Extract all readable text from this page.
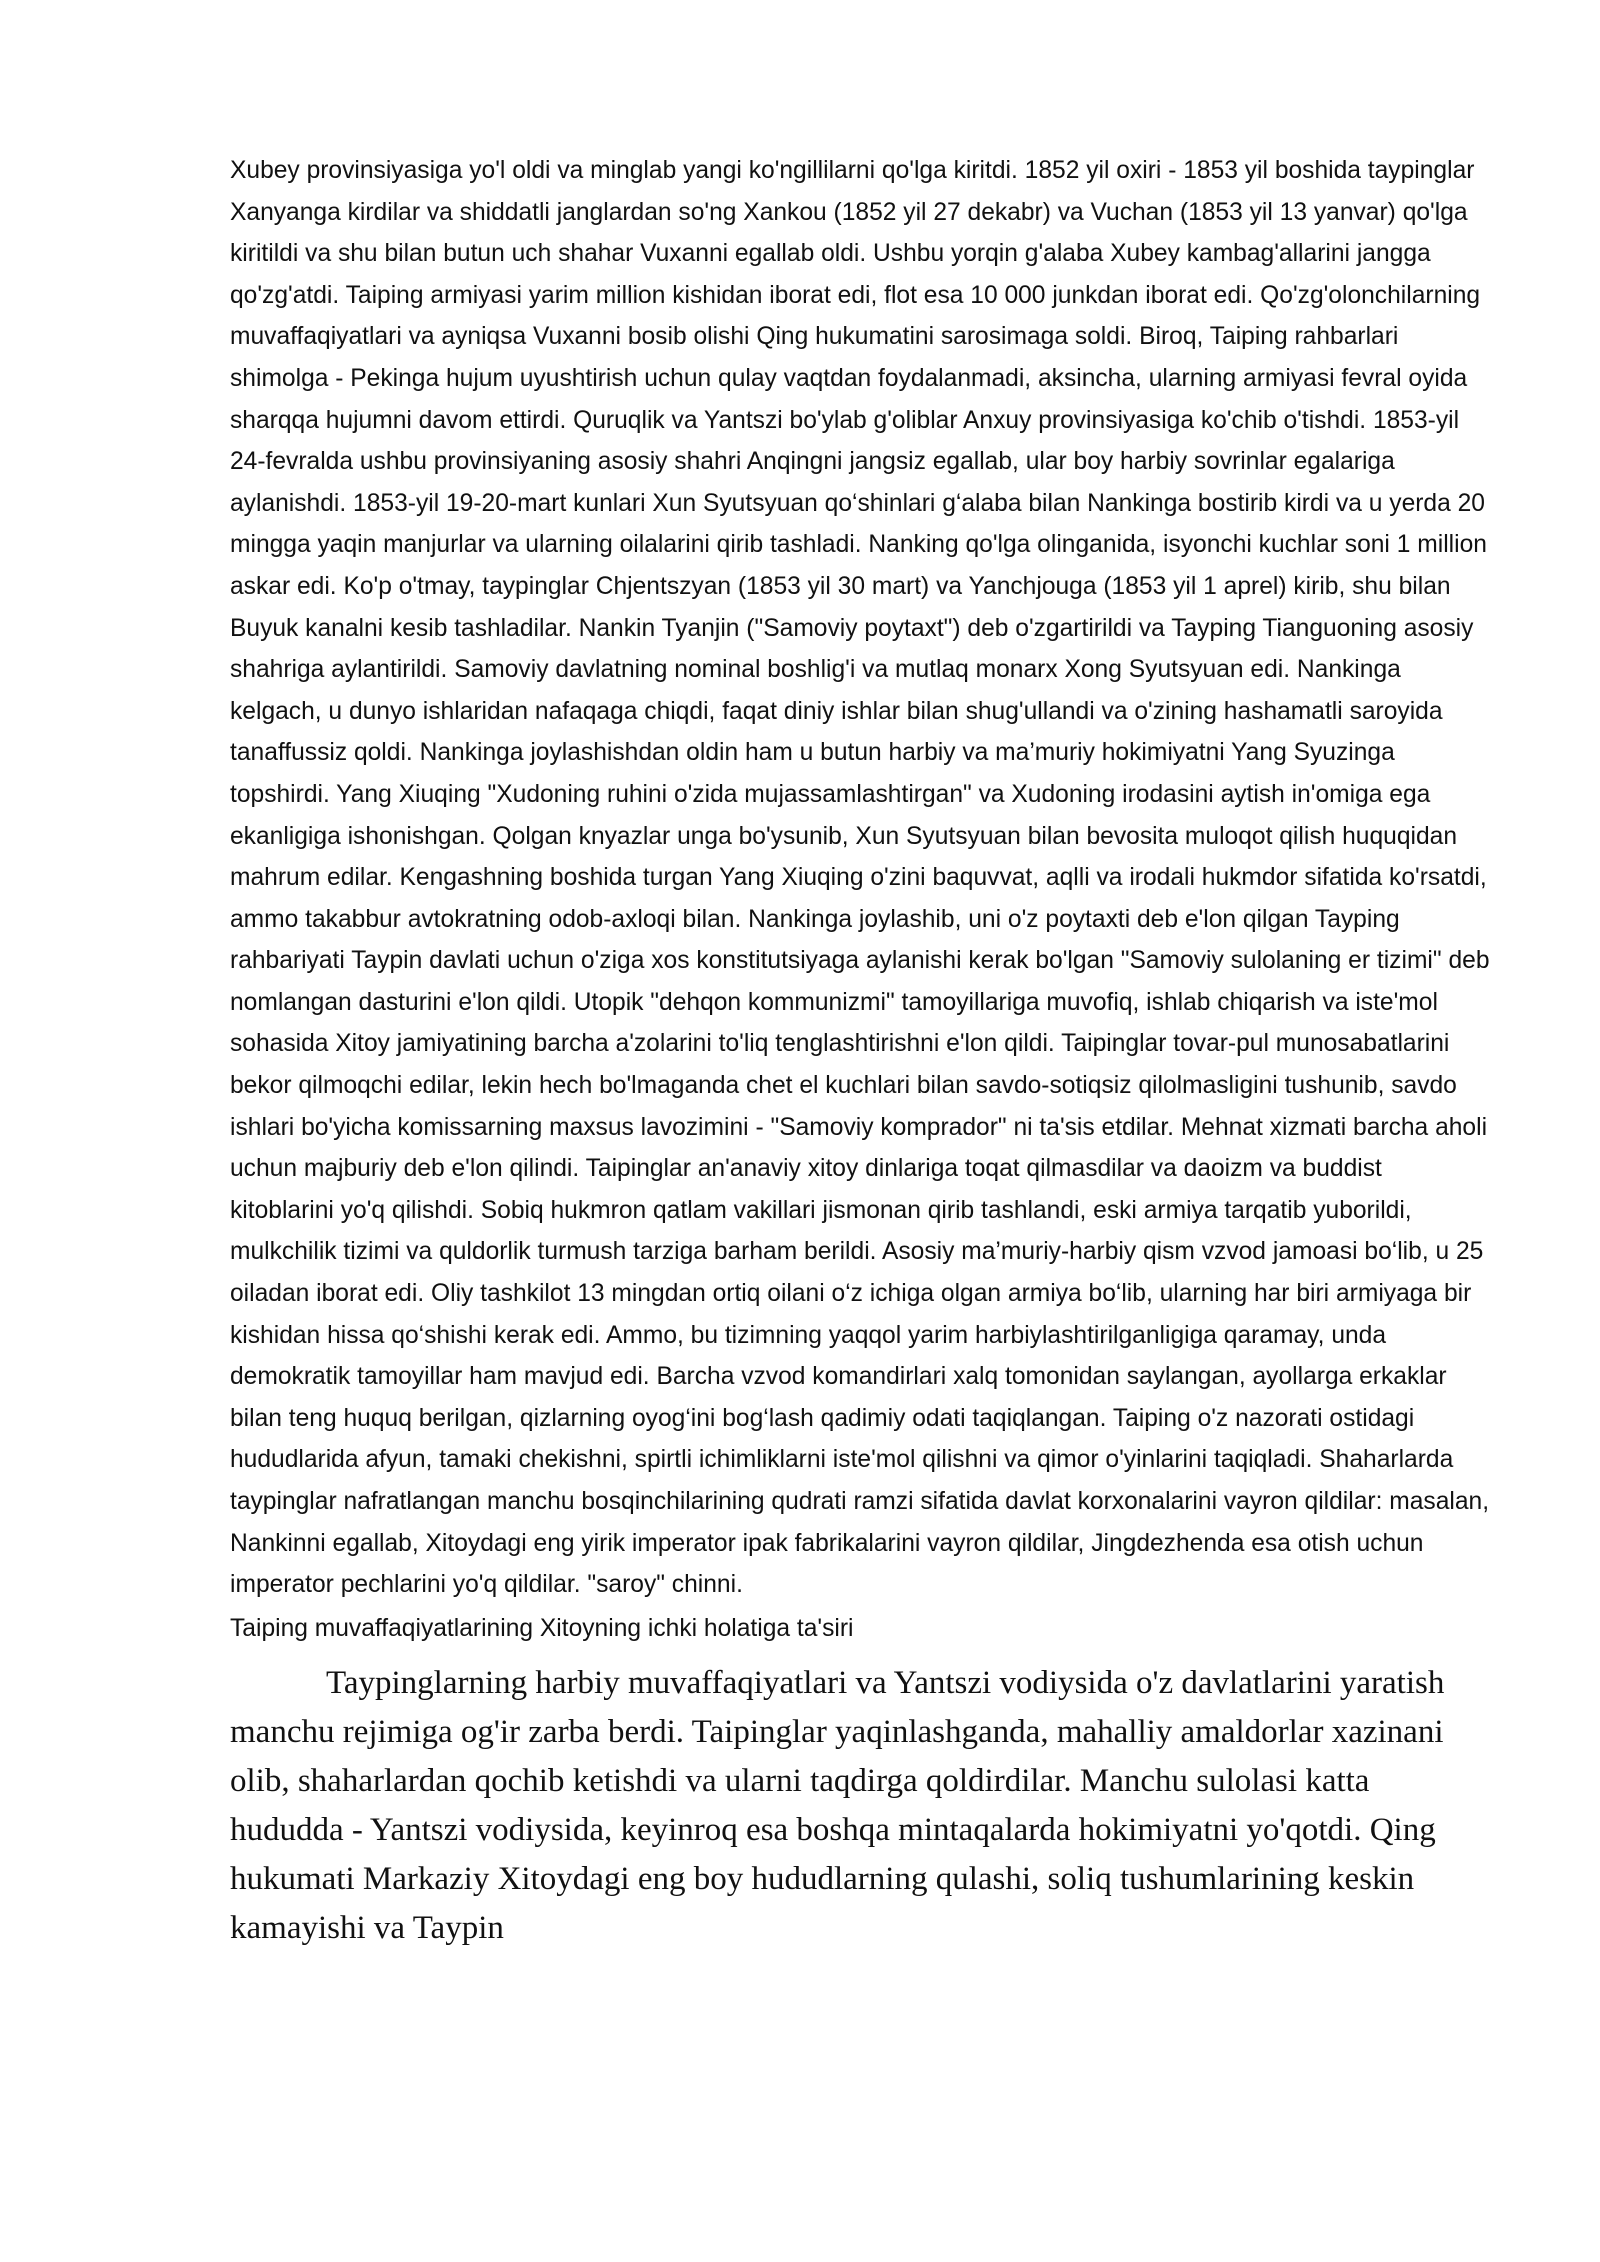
Xubey provinsiyasiga yo'l oldi va minglab yangi ko'ngillilarni qo'lga kiritdi. 1852 yil oxiri - 1853 yil boshida taypinglar Xanyanga kirdilar va shiddatli janglardan so'ng Xankou (1852 yil 27 dekabr) va Vuchan (1853 yil 13 yanvar) qo'lga kiritildi va shu bilan butun uch shahar Vuxanni egallab oldi. Ushbu yorqin g'alaba Xubey kambag'allarini jangga qo'zg'atdi. Taiping armiyasi yarim million kishidan iborat edi, flot esa 10 000 junkdan iborat edi. Qo'zg'olonchilarning muvaffaqiyatlari va ayniqsa Vuxanni bosib olishi Qing hukumatini sarosimaga soldi. Biroq, Taiping rahbarlari shimolga - Pekinga hujum uyushtirish uchun qulay vaqtdan foydalanmadi, aksincha, ularning armiyasi fevral oyida sharqqa hujumni davom ettirdi. Quruqlik va Yantszi bo'ylab g'oliblar Anxuy provinsiyasiga ko'chib o'tishdi. 1853-yil 24-fevralda ushbu provinsiyaning asosiy shahri Anqingni jangsiz egallab, ular boy harbiy sovrinlar egalariga aylanishdi. 1853-yil 19-20-mart kunlari Xun Syutsyuan qo‘shinlari g‘alaba bilan Nankinga bostirib kirdi va u yerda 20 mingga yaqin manjurlar va ularning oilalarini qirib tashladi. Nanking qo'lga olinganida, isyonchi kuchlar soni 1 million askar edi. Ko'p o'tmay, taypinglar Chjentszyan (1853 yil 30 mart) va Yanchjouga (1853 yil 1 aprel) kirib, shu bilan Buyuk kanalni kesib tashladilar. Nankin Tyanjin ("Samoviy poytaxt") deb o'zgartirildi va Tayping Tianguoning asosiy shahriga aylantirildi. Samoviy davlatning nominal boshlig'i va mutlaq monarx Xong Syutsyuan edi. Nankinga kelgach, u dunyo ishlaridan nafaqaga chiqdi, faqat diniy ishlar bilan shug'ullandi va o'zining hashamatli saroyida tanaffussiz qoldi. Nankinga joylashishdan oldin ham u butun harbiy va ma’muriy hokimiyatni Yang Syuzinga topshirdi. Yang Xiuqing "Xudoning ruhini o'zida mujassamlashtirgan" va Xudoning irodasini aytish in'omiga ega ekanligiga ishonishgan. Qolgan knyazlar unga bo'ysunib, Xun Syutsyuan bilan bevosita muloqot qilish huquqidan mahrum edilar. Kengashning boshida turgan Yang Xiuqing o'zini baquvvat, aqlli va irodali hukmdor sifatida ko'rsatdi, ammo takabbur avtokratning odob-axloqi bilan. Nankinga joylashib, uni o'z poytaxti deb e'lon qilgan Tayping rahbariyati Taypin davlati uchun o'ziga xos konstitutsiyaga aylanishi kerak bo'lgan "Samoviy sulolaning er tizimi" deb nomlangan dasturini e'lon qildi. Utopik "dehqon kommunizmi" tamoyillariga muvofiq, ishlab chiqarish va iste'mol sohasida Xitoy jamiyatining barcha a'zolarini to'liq tenglashtirishni e'lon qildi. Taipinglar tovar-pul munosabatlarini bekor qilmoqchi edilar, lekin hech bo'lmaganda chet el kuchlari bilan savdo-sotiqsiz qilolmasligini tushunib, savdo ishlari bo'yicha komissarning maxsus lavozimini - "Samoviy komprador" ni ta'sis etdilar. Mehnat xizmati barcha aholi uchun majburiy deb e'lon qilindi. Taipinglar an'anaviy xitoy dinlariga toqat qilmasdilar va daoizm va buddist kitoblarini yo'q qilishdi. Sobiq hukmron qatlam vakillari jismonan qirib tashlandi, eski armiya tarqatib yuborildi, mulkchilik tizimi va quldorlik turmush tarziga barham berildi. Asosiy ma’muriy-harbiy qism vzvod jamoasi bo‘lib, u 25 oiladan iborat edi. Oliy tashkilot 13 mingdan ortiq oilani o‘z ichiga olgan armiya bo‘lib, ularning har biri armiyaga bir kishidan hissa qo‘shishi kerak edi. Ammo, bu tizimning yaqqol yarim harbiylashtirilganligiga qaramay, unda demokratik tamoyillar ham mavjud edi. Barcha vzvod komandirlari xalq tomonidan saylangan, ayollarga erkaklar bilan teng huquq berilgan, qizlarning oyog‘ini bog‘lash qadimiy odati taqiqlangan. Taiping o'z nazorati ostidagi hududlarida afyun, tamaki chekishni, spirtli ichimliklarni iste'mol qilishni va qimor o'yinlarini taqiqladi. Shaharlarda taypinglar nafratlangan manchu bosqinchilarining qudrati ramzi sifatida davlat korxonalarini vayron qildilar: masalan, Nankinni egallab, Xitoydagi eng yirik imperator ipak fabrikalarini vayron qildilar, Jingdezhenda esa otish uchun imperator pechlarini yo'q qildilar. "saroy" chinni.

Taiping muvaffaqiyatlarining Xitoyning ichki holatiga ta'siri

Taypinglarning harbiy muvaffaqiyatlari va Yantszi vodiysida o'z davlatlarini yaratish manchu rejimiga og'ir zarba berdi. Taipinglar yaqinlashganda, mahalliy amaldorlar xazinani olib, shaharlardan qochib ketishdi va ularni taqdirga qoldirdilar. Manchu sulolasi katta hududda - Yantszi vodiysida, keyinroq esa boshqa mintaqalarda hokimiyatni yo'qotdi. Qing hukumati Markaziy Xitoydagi eng boy hududlarning qulashi, soliq tushumlarining keskin kamayishi va Taypin
